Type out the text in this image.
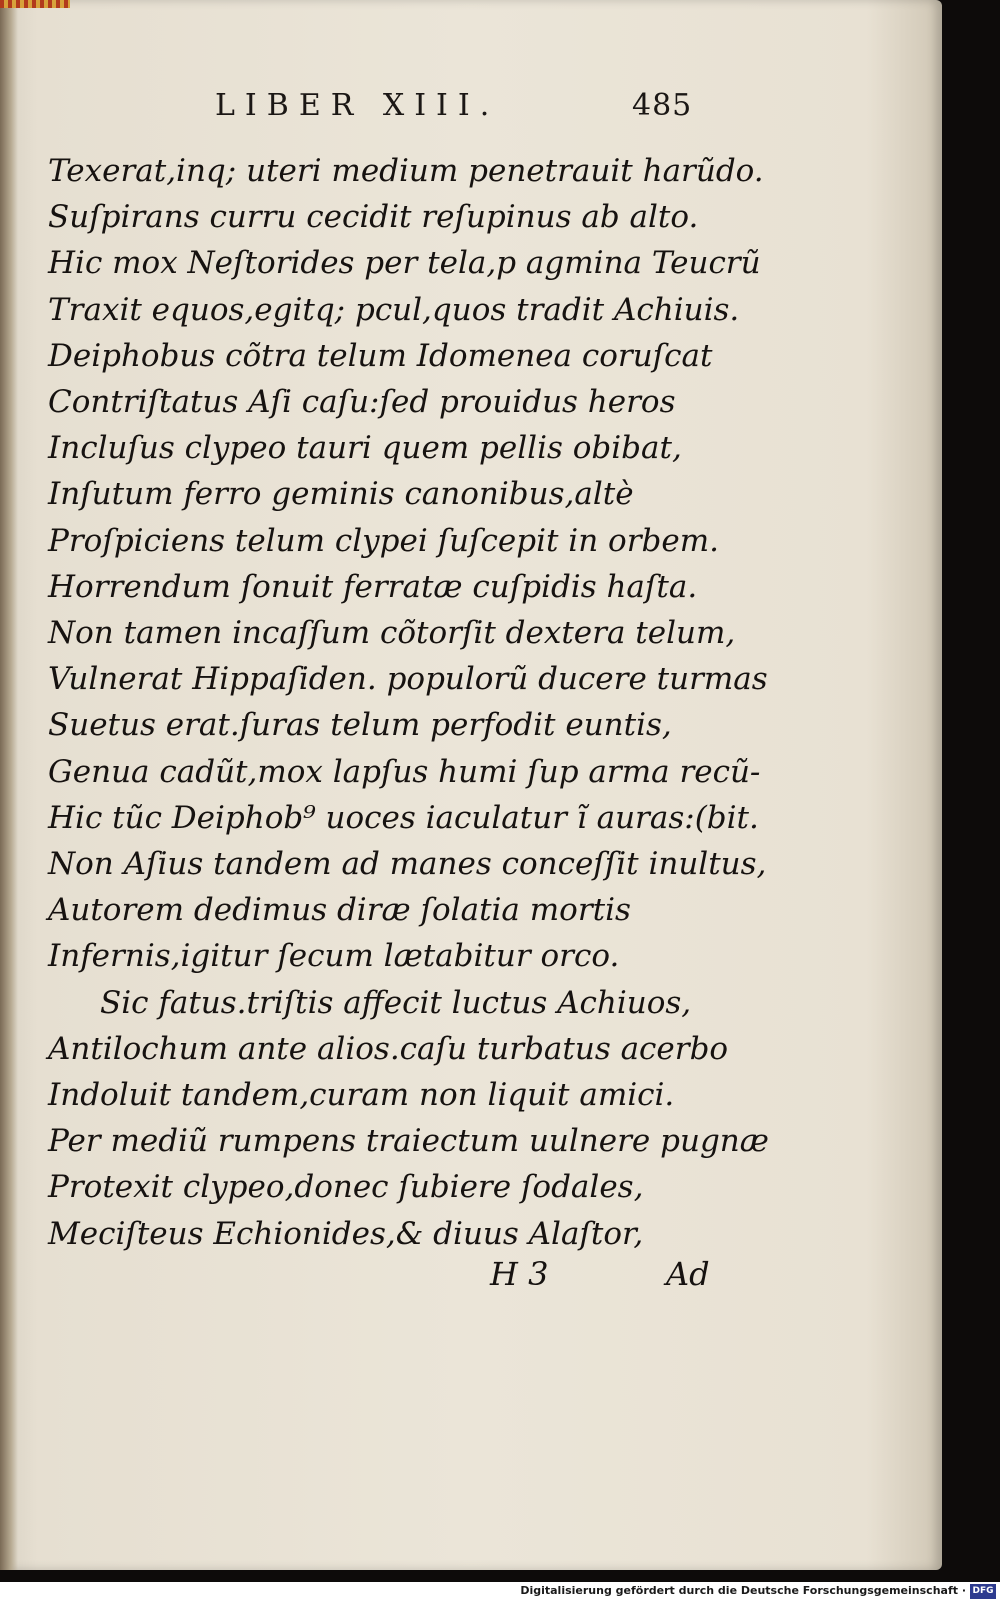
LIBER XIII.	485
Texerat,inq; uteri medium penetrauit harũdo.
Suſpirans curru cecidit reſupinus ab alto.
Hic mox Neſtorides per tela,p agmina Teucrũ
Traxit equos,egitq; pcul,quos tradit Achiuis.
Deiphobus cõtra telum Idomenea coruſcat
Contriſtatus Aſi caſu:ſed prouidus heros
Incluſus clypeo tauri quem pellis obibat,
Inſutum ferro geminis canonibus,altè
Proſpiciens telum clypei ſuſcepit in orbem.
Horrendum ſonuit ferratæ cuſpidis haſta.
Non tamen incaſſum cõtorſit dextera telum,
Vulnerat Hippaſiden. populorũ ducere turmas
Suetus erat.ſuras telum perfodit euntis,
Genua cadũt,mox lapſus humi ſup arma recũ-
Hic tũc Deiphob⁹ uoces iaculatur ĩ auras:(bit.
Non Aſius tandem ad manes conceſſit inultus,
Autorem dedimus diræ ſolatia mortis
Infernis,igitur ſecum lætabitur orco.
Sic fatus.triſtis affecit luctus Achiuos,
Antilochum ante alios.caſu turbatus acerbo
Indoluit tandem,curam non liquit amici.
Per mediũ rumpens traiectum uulnere pugnæ
Protexit clypeo,donec ſubiere ſodales,
Meciſteus Echionides,& diuus Alaſtor,
H 3	Ad
Digitalisierung gefördert durch die Deutsche Forschungsgemeinschaft · DFG
